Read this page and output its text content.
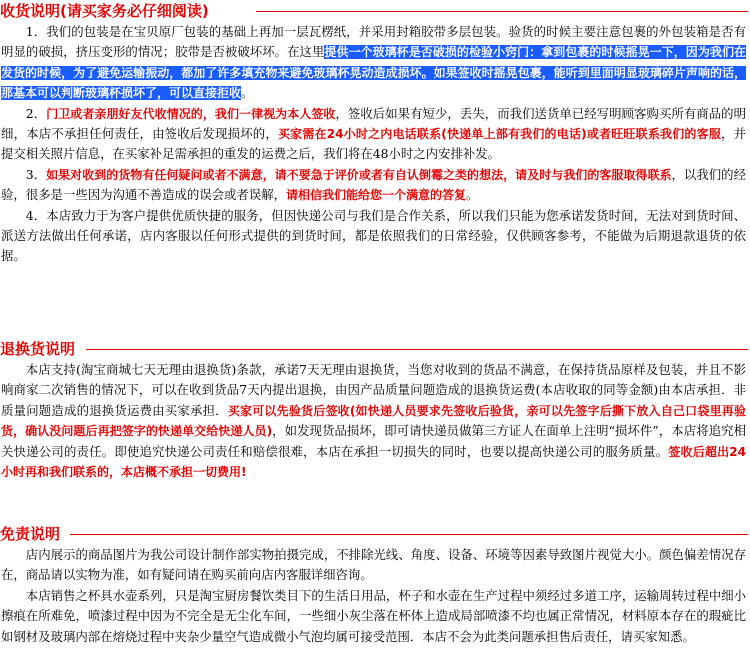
收货说明(请买家务必仔细阅读)

1．我们的包装是在宝贝原厂包装的基础上再加一层瓦楞纸，并采用封箱胶带多层包装。验货的时候主要注意包裹的外包装箱是否有明显的破损，挤压变形的情况；胶带是否被破坏坏。在这里提供一个玻璃杯是否破损的检验小窍门：拿到包裹的时候摇晃一下，因为我们在发货的时候，为了避免运输振动，都加了许多填充物来避免玻璃杯晃动造成损坏。如果签收时摇晃包裹，能听到里面明显玻璃碎片声响的话，那基本可以判断玻璃杯损坏了，可以直接拒收。

2．门卫或者亲朋好友代收情况的，我们一律视为本人签收，签收后如果有短少，丢失，而我们送货单已经写明顾客购买所有商品的明细，本店不承担任何责任，由签收后发现损坏的，买家需在24小时之内电话联系(快递单上部有我们的电话)或者旺旺联系我们的客服，并提交相关照片信息，在买家补足需承担的重发的运费之后，我们将在48小时之内安排补发。

3．如果对收到的货物有任何疑问或者不满意，请不要急于评价或者有自认倒霉之类的想法，请及时与我们的客服取得联系，以我们的经验，很多是一些因为沟通不善造成的误会或者误解，请相信我们能给您一个满意的答复。

4．本店致力于为客户提供优质快捷的服务，但因快递公司与我们是合作关系，所以我们只能为您承诺发货时间，无法对到货时间、派送方法做出任何承诺，店内客服以任何形式提供的到货时间，都是依照我们的日常经验，仅供顾客参考，不能做为后期退款退货的依据。

退换货说明

本店支持(淘宝商城七天无理由退换货)条款，承诺7天无理由退换货，当您对收到的货品不满意，在保持货品原样及包装，并且不影响商家二次销售的情况下，可以在收到货品7天内提出退换，由因产品质量问题造成的退换货运费(本店收取的同等金额)由本店承担．非质量问题造成的退换货运费由买家承担．买家可以先验货后签收(如快递人员要求先签收后验货，亲可以先签字后撕下放入自己口袋里再验货，确认没问题后再把签字的快递单交给快递人员)，如发现货品损坏，即可请快递员做第三方证人在面单上注明“损坏件”，本店将追究相关快递公司的责任。即使追究快递公司责任和赔偿很难，本店在承担一切损失的同时，也要以提高快递公司的服务质量。签收后超出24小时再和我们联系的，本店概不承担一切费用!

免责说明

店内展示的商品图片为我公司设计制作部实物拍摄完成，不排除光线、角度、设备、环境等因素导致图片视觉大小。颜色偏差情况存在，商品请以实物为准，如有疑问请在购买前向店内客服详细咨询。

本店销售之杯具水壶系列，只是淘宝厨房餐饮类目下的生活日用品，杯子和水壶在生产过程中须经过多道工序，运输周转过程中细小擦痕在所难免，喷漆过程中因为不完全是无尘化车间，一些细小灰尘落在杯体上造成局部喷漆不均也属正常情况，材料原本存在的瑕疵比如钢材及玻璃内部在熔烧过程中夹杂少量空气造成微小气泡均属可接受范围．本店不会为此类问题承担售后责任，请买家知悉。
